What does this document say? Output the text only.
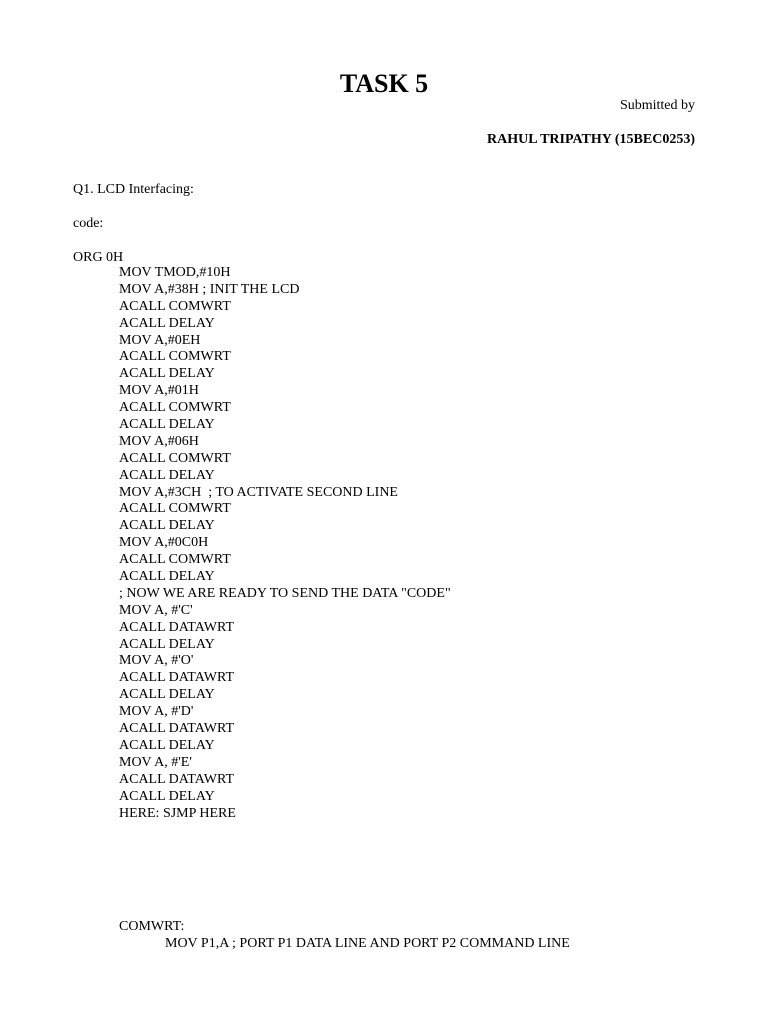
TASK 5
Submitted by
RAHUL TRIPATHY (15BEC0253)
Q1. LCD Interfacing:
code:
ORG 0H
MOV TMOD,#10H
MOV A,#38H ; INIT THE LCD
ACALL COMWRT
ACALL DELAY
MOV A,#0EH
ACALL COMWRT
ACALL DELAY
MOV A,#01H
ACALL COMWRT
ACALL DELAY
MOV A,#06H
ACALL COMWRT
ACALL DELAY
MOV A,#3CH  ; TO ACTIVATE SECOND LINE
ACALL COMWRT
ACALL DELAY
MOV A,#0C0H
ACALL COMWRT
ACALL DELAY
; NOW WE ARE READY TO SEND THE DATA "CODE"
MOV A, #'C'
ACALL DATAWRT
ACALL DELAY
MOV A, #'O'
ACALL DATAWRT
ACALL DELAY
MOV A, #'D'
ACALL DATAWRT
ACALL DELAY
MOV A, #'E'
ACALL DATAWRT
ACALL DELAY
HERE: SJMP HERE
COMWRT:
MOV P1,A ; PORT P1 DATA LINE AND PORT P2 COMMAND LINE
